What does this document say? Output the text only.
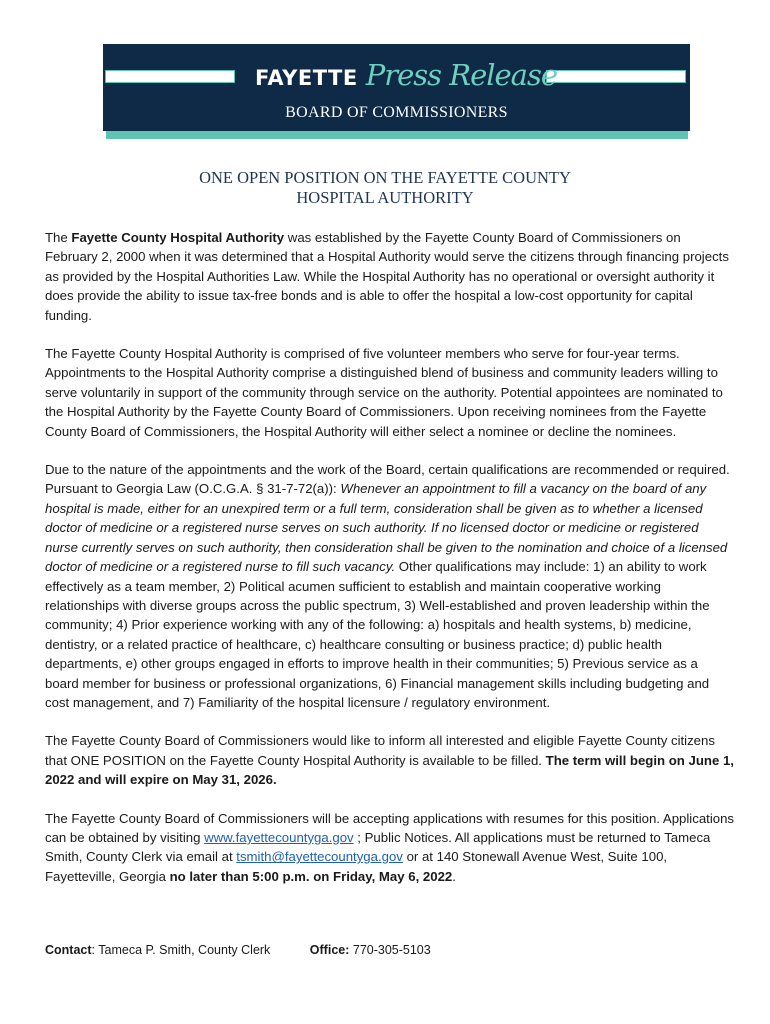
FAYETTE Press Release
BOARD OF COMMISSIONERS
ONE OPEN POSITION ON THE FAYETTE COUNTY
HOSPITAL AUTHORITY

The Fayette County Hospital Authority was established by the Fayette County Board of Commissioners on February 2, 2000 when it was determined that a Hospital Authority would serve the citizens through financing projects as provided by the Hospital Authorities Law. While the Hospital Authority has no operational or oversight authority it does provide the ability to issue tax-free bonds and is able to offer the hospital a low-cost opportunity for capital funding.

The Fayette County Hospital Authority is comprised of five volunteer members who serve for four-year terms. Appointments to the Hospital Authority comprise a distinguished blend of business and community leaders willing to serve voluntarily in support of the community through service on the authority. Potential appointees are nominated to the Hospital Authority by the Fayette County Board of Commissioners. Upon receiving nominees from the Fayette County Board of Commissioners, the Hospital Authority will either select a nominee or decline the nominees.

Due to the nature of the appointments and the work of the Board, certain qualifications are recommended or required. Pursuant to Georgia Law (O.C.G.A. § 31-7-72(a)): Whenever an appointment to fill a vacancy on the board of any hospital is made, either for an unexpired term or a full term, consideration shall be given as to whether a licensed doctor of medicine or a registered nurse serves on such authority. If no licensed doctor or medicine or registered nurse currently serves on such authority, then consideration shall be given to the nomination and choice of a licensed doctor of medicine or a registered nurse to fill such vacancy. Other qualifications may include: 1) an ability to work effectively as a team member, 2) Political acumen sufficient to establish and maintain cooperative working relationships with diverse groups across the public spectrum, 3) Well-established and proven leadership within the community; 4) Prior experience working with any of the following: a) hospitals and health systems, b) medicine, dentistry, or a related practice of healthcare, c) healthcare consulting or business practice; d) public health departments, e) other groups engaged in efforts to improve health in their communities; 5) Previous service as a board member for business or professional organizations, 6) Financial management skills including budgeting and cost management, and 7) Familiarity of the hospital licensure / regulatory environment.

The Fayette County Board of Commissioners would like to inform all interested and eligible Fayette County citizens that ONE POSITION on the Fayette County Hospital Authority is available to be filled. The term will begin on June 1, 2022 and will expire on May 31, 2026.

The Fayette County Board of Commissioners will be accepting applications with resumes for this position. Applications can be obtained by visiting www.fayettecountyga.gov ; Public Notices. All applications must be returned to Tameca Smith, County Clerk via email at tsmith@fayettecountyga.gov or at 140 Stonewall Avenue West, Suite 100, Fayetteville, Georgia no later than 5:00 p.m. on Friday, May 6, 2022.

Contact: Tameca P. Smith, County Clerk	Office: 770-305-5103
